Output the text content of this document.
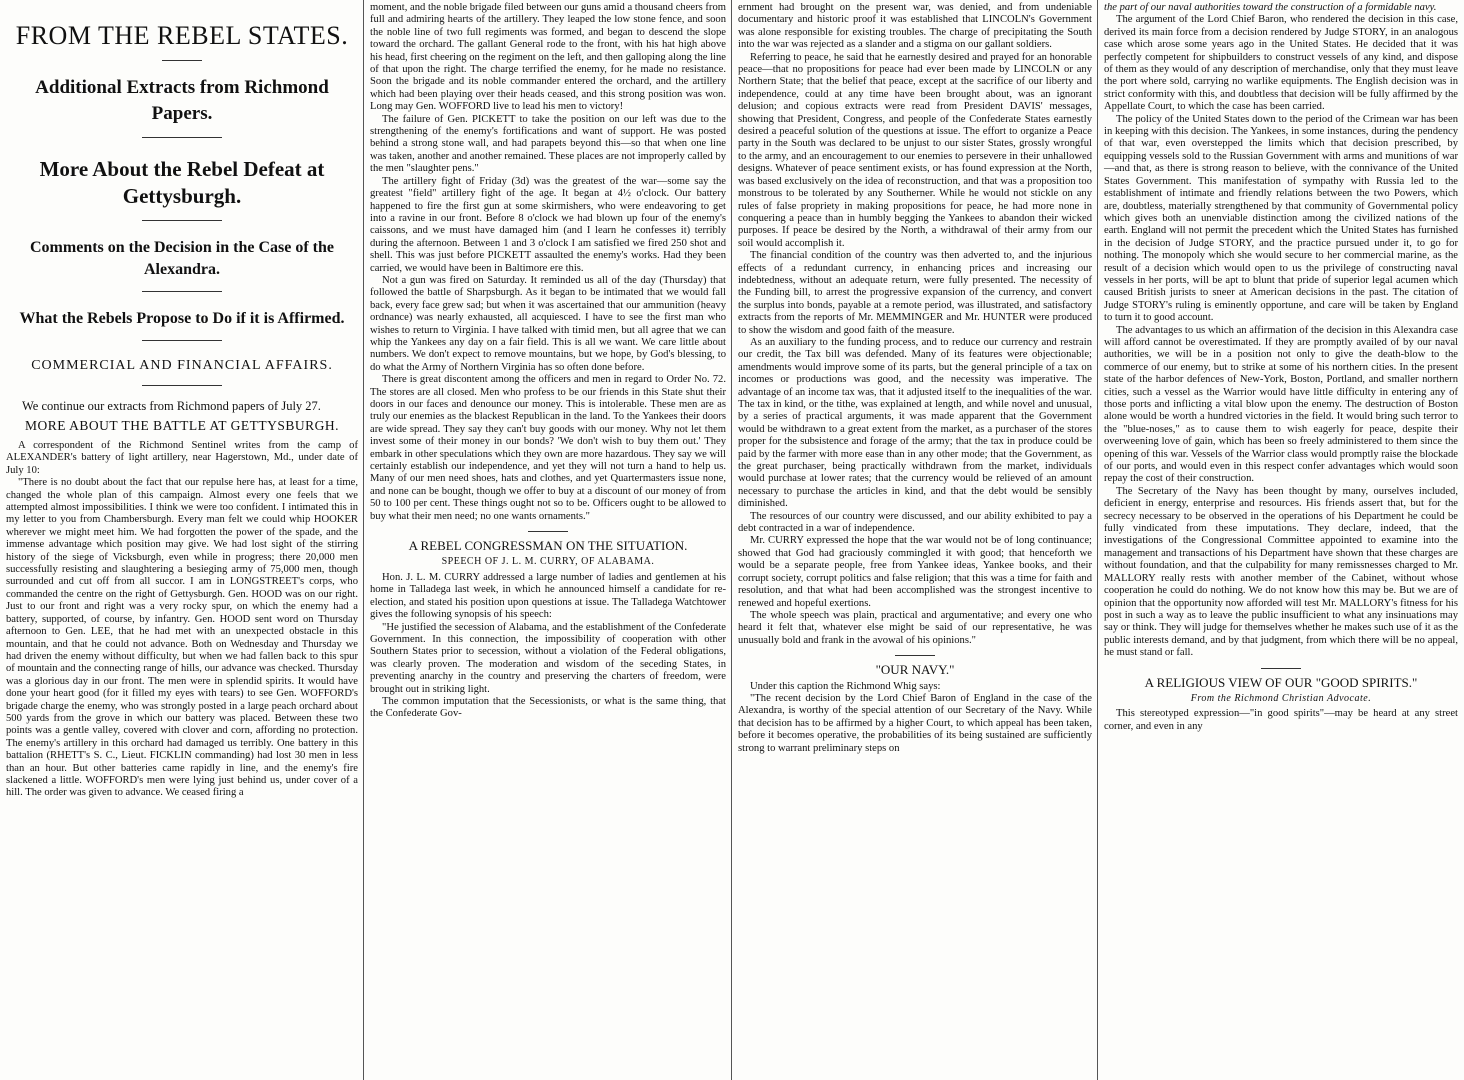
FROM THE REBEL STATES.
Additional Extracts from Richmond Papers.
More About the Rebel Defeat at Gettysburgh.
Comments on the Decision in the Case of the Alexandra.
What the Rebels Propose to Do if it is Affirmed.
COMMERCIAL AND FINANCIAL AFFAIRS.

We continue our extracts from Richmond papers of July 27.

MORE ABOUT THE BATTLE AT GETTYSBURGH.

A correspondent of the Richmond Sentinel writes from the camp of ALEXANDER's battery of light artillery, near Hagerstown, Md., under date of July 10:

"There is no doubt about the fact that our repulse here has, at least for a time, changed the whole plan of this campaign. Almost every one feels that we attempted almost impossibilities. I think we were too confident. I intimated this in my letter to you from Chambersburgh. Every man felt we could whip HOOKER wherever we might meet him. We had forgotten the power of the spade, and the immense advantage which position may give. We had lost sight of the stirring history of the siege of Vicksburgh, even while in progress; there 20,000 men successfully resisting and slaughtering a besieging army of 75,000 men, though surrounded and cut off from all succor. I am in LONGSTREET's corps, who commanded the centre on the right of Gettysburgh. Gen. HOOD was on our right. Just to our front and right was a very rocky spur, on which the enemy had a battery, supported, of course, by infantry. Gen. HOOD sent word on Thursday afternoon to Gen. LEE, that he had met with an unexpected obstacle in this mountain, and that he could not advance. Both on Wednesday and Thursday we had driven the enemy without difficulty, but when we had fallen back to this spur of mountain and the connecting range of hills, our advance was checked. Thursday was a glorious day in our front. The men were in splendid spirits. It would have done your heart good (for it filled my eyes with tears) to see Gen. WOFFORD's brigade charge the enemy, who was strongly posted in a large peach orchard about 500 yards from the grove in which our battery was placed. Between these two points was a gentle valley, covered with clover and corn, affording no protection. The enemy's artillery in this orchard had damaged us terribly. One battery in this battalion (RHETT's S. C., Lieut. FICKLIN commanding) had lost 30 men in less than an hour. But other batteries came rapidly in line, and the enemy's fire slackened a little. WOFFORD's men were lying just behind us, under cover of a hill. The order was given to advance. We ceased firing a

moment, and the noble brigade filed between our guns amid a thousand cheers from full and admiring hearts of the artillery. They leaped the low stone fence, and soon the noble line of two full regiments was formed, and began to descend the slope toward the orchard. The gallant General rode to the front, with his hat high above his head, first cheering on the regiment on the left, and then galloping along the line of that upon the right. The charge terrified the enemy, for he made no resistance. Soon the brigade and its noble commander entered the orchard, and the artillery which had been playing over their heads ceased, and this strong position was won. Long may Gen. WOFFORD live to lead his men to victory!

The failure of Gen. PICKETT to take the position on our left was due to the strengthening of the enemy's fortifications and want of support. He was posted behind a strong stone wall, and had parapets beyond this—so that when one line was taken, another and another remained. These places are not improperly called by the men "slaughter pens."

The artillery fight of Friday (3d) was the greatest of the war—some say the greatest "field" artillery fight of the age. It began at 4½ o'clock. Our battery happened to fire the first gun at some skirmishers, who were endeavoring to get into a ravine in our front. Before 8 o'clock we had blown up four of the enemy's caissons, and we must have damaged him (and I learn he confesses it) terribly during the afternoon. Between 1 and 3 o'clock I am satisfied we fired 250 shot and shell. This was just before PICKETT assaulted the enemy's works. Had they been carried, we would have been in Baltimore ere this.

Not a gun was fired on Saturday. It reminded us all of the day (Thursday) that followed the battle of Sharpsburgh. As it began to be intimated that we would fall back, every face grew sad; but when it was ascertained that our ammunition (heavy ordnance) was nearly exhausted, all acquiesced. I have to see the first man who wishes to return to Virginia. I have talked with timid men, but all agree that we can whip the Yankees any day on a fair field. This is all we want. We care little about numbers. We don't expect to remove mountains, but we hope, by God's blessing, to do what the Army of Northern Virginia has so often done before.

There is great discontent among the officers and men in regard to Order No. 72. The stores are all closed. Men who profess to be our friends in this State shut their doors in our faces and denounce our money. This is intolerable. These men are as truly our enemies as the blackest Republican in the land. To the Yankees their doors are wide spread. They say they can't buy goods with our money. Why not let them invest some of their money in our bonds? 'We don't wish to buy them out.' They embark in other speculations which they own are more hazardous. They say we will certainly establish our independence, and yet they will not turn a hand to help us. Many of our men need shoes, hats and clothes, and yet Quartermasters issue none, and none can be bought, though we offer to buy at a discount of our money of from 50 to 100 per cent. These things ought not so to be. Officers ought to be allowed to buy what their men need; no one wants ornaments."

A REBEL CONGRESSMAN ON THE SITUATION.
SPEECH OF J. L. M. CURRY, OF ALABAMA.

Hon. J. L. M. CURRY addressed a large number of ladies and gentlemen at his home in Talladega last week, in which he announced himself a candidate for re-election, and stated his position upon questions at issue. The Talladega Watchtower gives the following synopsis of his speech:

"He justified the secession of Alabama, and the establishment of the Confederate Government. In this connection, the impossibility of cooperation with other Southern States prior to secession, without a violation of the Federal obligations, was clearly proven. The moderation and wisdom of the seceding States, in preventing anarchy in the country and preserving the charters of freedom, were brought out in striking light.

The common imputation that the Secessionists, or what is the same thing, that the Confederate Gov-

ernment had brought on the present war, was denied, and from undeniable documentary and historic proof it was established that LINCOLN's Government was alone responsible for existing troubles. The charge of precipitating the South into the war was rejected as a slander and a stigma on our gallant soldiers.

Referring to peace, he said that he earnestly desired and prayed for an honorable peace—that no propositions for peace had ever been made by LINCOLN or any Northern State; that the belief that peace, except at the sacrifice of our liberty and independence, could at any time have been brought about, was an ignorant delusion; and copious extracts were read from President DAVIS' messages, showing that President, Congress, and people of the Confederate States earnestly desired a peaceful solution of the questions at issue. The effort to organize a Peace party in the South was declared to be unjust to our sister States, grossly wrongful to the army, and an encouragement to our enemies to persevere in their unhallowed designs. Whatever of peace sentiment exists, or has found expression at the North, was based exclusively on the idea of reconstruction, and that was a proposition too monstrous to be tolerated by any Southerner. While he would not stickle on any rules of false propriety in making propositions for peace, he had more none in conquering a peace than in humbly begging the Yankees to abandon their wicked purposes. If peace be desired by the North, a withdrawal of their army from our soil would accomplish it.

The financial condition of the country was then adverted to, and the injurious effects of a redundant currency, in enhancing prices and increasing our indebtedness, without an adequate return, were fully presented. The necessity of the Funding bill, to arrest the progressive expansion of the currency, and convert the surplus into bonds, payable at a remote period, was illustrated, and satisfactory extracts from the reports of Mr. MEMMINGER and Mr. HUNTER were produced to show the wisdom and good faith of the measure.

As an auxiliary to the funding process, and to reduce our currency and restrain our credit, the Tax bill was defended. Many of its features were objectionable; amendments would improve some of its parts, but the general principle of a tax on incomes or productions was good, and the necessity was imperative. The advantage of an income tax was, that it adjusted itself to the inequalities of the war. The tax in kind, or the tithe, was explained at length, and while novel and unusual, by a series of practical arguments, it was made apparent that the Government would be withdrawn to a great extent from the market, as a purchaser of the stores proper for the subsistence and forage of the army; that the tax in produce could be paid by the farmer with more ease than in any other mode; that the Government, as the great purchaser, being practically withdrawn from the market, individuals would purchase at lower rates; that the currency would be relieved of an amount necessary to purchase the articles in kind, and that the debt would be sensibly diminished.

The resources of our country were discussed, and our ability exhibited to pay a debt contracted in a war of independence.

Mr. CURRY expressed the hope that the war would not be of long continuance; showed that God had graciously commingled it with good; that henceforth we would be a separate people, free from Yankee ideas, Yankee books, and their corrupt society, corrupt politics and false religion; that this was a time for faith and resolution, and that what had been accomplished was the strongest incentive to renewed and hopeful exertions.

The whole speech was plain, practical and argumentative; and every one who heard it felt that, whatever else might be said of our representative, he was unusually bold and frank in the avowal of his opinions."

"OUR NAVY."

Under this caption the Richmond Whig says:

"The recent decision by the Lord Chief Baron of England in the case of the Alexandra, is worthy of the special attention of our Secretary of the Navy. While that decision has to be affirmed by a higher Court, to which appeal has been taken, before it becomes operative, the probabilities of its being sustained are sufficiently strong to warrant preliminary steps on

the part of our naval authorities toward the construction of a formidable navy.

The argument of the Lord Chief Baron, who rendered the decision in this case, derived its main force from a decision rendered by Judge STORY, in an analogous case which arose some years ago in the United States. He decided that it was perfectly competent for shipbuilders to construct vessels of any kind, and dispose of them as they would of any description of merchandise, only that they must leave the port where sold, carrying no warlike equipments. The English decision was in strict conformity with this, and doubtless that decision will be fully affirmed by the Appellate Court, to which the case has been carried.

The policy of the United States down to the period of the Crimean war has been in keeping with this decision. The Yankees, in some instances, during the pendency of that war, even overstepped the limits which that decision prescribed, by equipping vessels sold to the Russian Government with arms and munitions of war—and that, as there is strong reason to believe, with the connivance of the United States Government. This manifestation of sympathy with Russia led to the establishment of intimate and friendly relations between the two Powers, which are, doubtless, materially strengthened by that community of Governmental policy which gives both an unenviable distinction among the civilized nations of the earth. England will not permit the precedent which the United States has furnished in the decision of Judge STORY, and the practice pursued under it, to go for nothing. The monopoly which she would secure to her commercial marine, as the result of a decision which would open to us the privilege of constructing naval vessels in her ports, will be apt to blunt that pride of superior legal acumen which caused British jurists to sneer at American decisions in the past. The citation of Judge STORY's ruling is eminently opportune, and care will be taken by England to turn it to good account.

The advantages to us which an affirmation of the decision in this Alexandra case will afford cannot be overestimated. If they are promptly availed of by our naval authorities, we will be in a position not only to give the death-blow to the commerce of our enemy, but to strike at some of his northern cities. In the present state of the harbor defences of New-York, Boston, Portland, and smaller northern cities, such a vessel as the Warrior would have little difficulty in entering any of those ports and inflicting a vital blow upon the enemy. The destruction of Boston alone would be worth a hundred victories in the field. It would bring such terror to the "blue-noses," as to cause them to wish eagerly for peace, despite their overweening love of gain, which has been so freely administered to them since the opening of this war. Vessels of the Warrior class would promptly raise the blockade of our ports, and would even in this respect confer advantages which would soon repay the cost of their construction.

The Secretary of the Navy has been thought by many, ourselves included, deficient in energy, enterprise and resources. His friends assert that, but for the secrecy necessary to be observed in the operations of his Department he could be fully vindicated from these imputations. They declare, indeed, that the investigations of the Congressional Committee appointed to examine into the management and transactions of his Department have shown that these charges are without foundation, and that the culpability for many remissnesses charged to Mr. MALLORY really rests with another member of the Cabinet, without whose cooperation he could do nothing. We do not know how this may be. But we are of opinion that the opportunity now afforded will test Mr. MALLORY's fitness for his post in such a way as to leave the public insufficient to what any insinuations may say or think. They will judge for themselves whether he makes such use of it as the public interests demand, and by that judgment, from which there will be no appeal, he must stand or fall.

A RELIGIOUS VIEW OF OUR "GOOD SPIRITS."
From the Richmond Christian Advocate.

This stereotyped expression—"in good spirits"—may be heard at any street corner, and even in any
